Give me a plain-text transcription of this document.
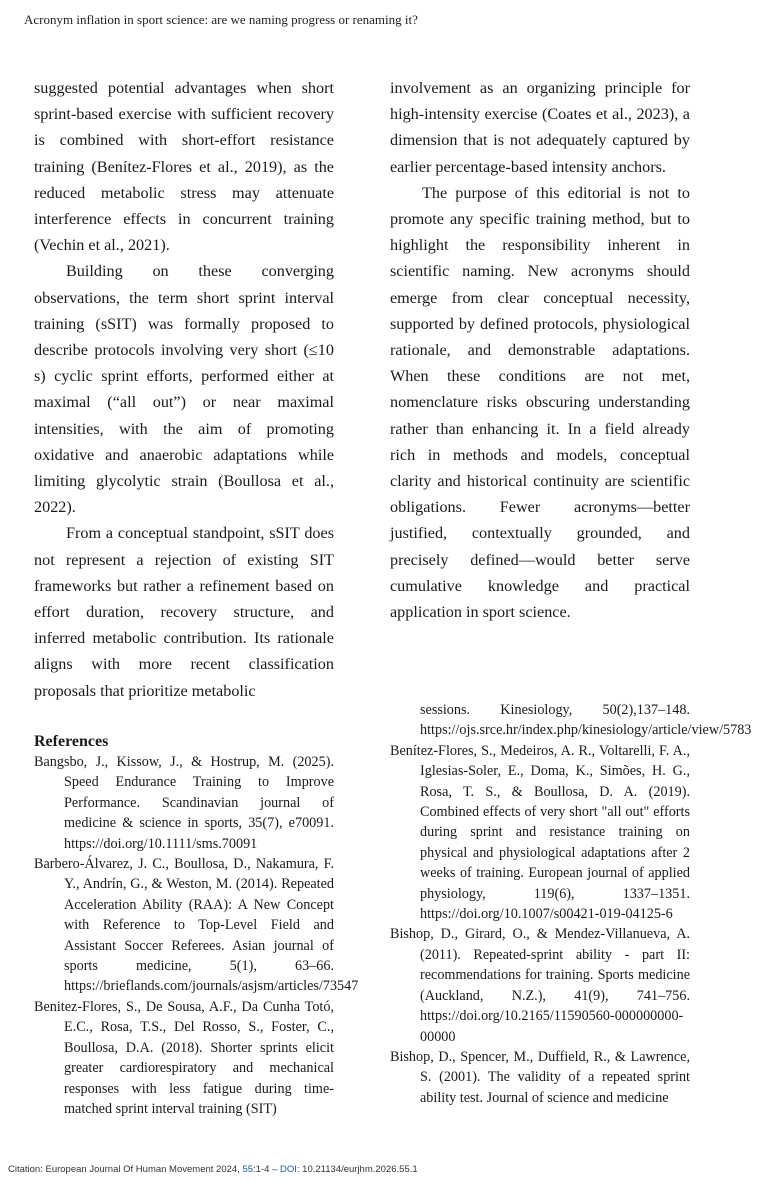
Acronym inflation in sport science: are we naming progress or renaming it?

suggested potential advantages when short sprint-based exercise with sufficient recovery is combined with short-effort resistance training (Benítez-Flores et al., 2019), as the reduced metabolic stress may attenuate interference effects in concurrent training (Vechin et al., 2021).

Building on these converging observations, the term short sprint interval training (sSIT) was formally proposed to describe protocols involving very short (≤10 s) cyclic sprint efforts, performed either at maximal (“all out”) or near maximal intensities, with the aim of promoting oxidative and anaerobic adaptations while limiting glycolytic strain (Boullosa et al., 2022).

From a conceptual standpoint, sSIT does not represent a rejection of existing SIT frameworks but rather a refinement based on effort duration, recovery structure, and inferred metabolic contribution. Its rationale aligns with more recent classification proposals that prioritize metabolic

involvement as an organizing principle for high-intensity exercise (Coates et al., 2023), a dimension that is not adequately captured by earlier percentage-based intensity anchors.

The purpose of this editorial is not to promote any specific training method, but to highlight the responsibility inherent in scientific naming. New acronyms should emerge from clear conceptual necessity, supported by defined protocols, physiological rationale, and demonstrable adaptations. When these conditions are not met, nomenclature risks obscuring understanding rather than enhancing it. In a field already rich in methods and models, conceptual clarity and historical continuity are scientific obligations. Fewer acronyms—better justified, contextually grounded, and precisely defined—would better serve cumulative knowledge and practical application in sport science.

References

Bangsbo, J., Kissow, J., & Hostrup, M. (2025). Speed Endurance Training to Improve Performance. Scandinavian journal of medicine & science in sports, 35(7), e70091. https://doi.org/10.1111/sms.70091

Barbero-Álvarez, J. C., Boullosa, D., Nakamura, F. Y., Andrín, G., & Weston, M. (2014). Repeated Acceleration Ability (RAA): A New Concept with Reference to Top-Level Field and Assistant Soccer Referees. Asian journal of sports medicine, 5(1), 63–66. https://brieflands.com/journals/asjsm/articles/73547

Benitez-Flores, S., De Sousa, A.F., Da Cunha Totó, E.C., Rosa, T.S., Del Rosso, S., Foster, C., Boullosa, D.A. (2018). Shorter sprints elicit greater cardiorespiratory and mechanical responses with less fatigue during time-matched sprint interval training (SIT)

sessions. Kinesiology, 50(2),137–148. https://ojs.srce.hr/index.php/kinesiology/article/view/5783

Benítez-Flores, S., Medeiros, A. R., Voltarelli, F. A., Iglesias-Soler, E., Doma, K., Simões, H. G., Rosa, T. S., & Boullosa, D. A. (2019). Combined effects of very short "all out" efforts during sprint and resistance training on physical and physiological adaptations after 2 weeks of training. European journal of applied physiology, 119(6), 1337–1351. https://doi.org/10.1007/s00421-019-04125-6

Bishop, D., Girard, O., & Mendez-Villanueva, A. (2011). Repeated-sprint ability - part II: recommendations for training. Sports medicine (Auckland, N.Z.), 41(9), 741–756. https://doi.org/10.2165/11590560-000000000-00000

Bishop, D., Spencer, M., Duffield, R., & Lawrence, S. (2001). The validity of a repeated sprint ability test. Journal of science and medicine

Citation: European Journal Of Human Movement 2024, 55:1-4 – DOI: 10.21134/eurjhm.2026.55.1
